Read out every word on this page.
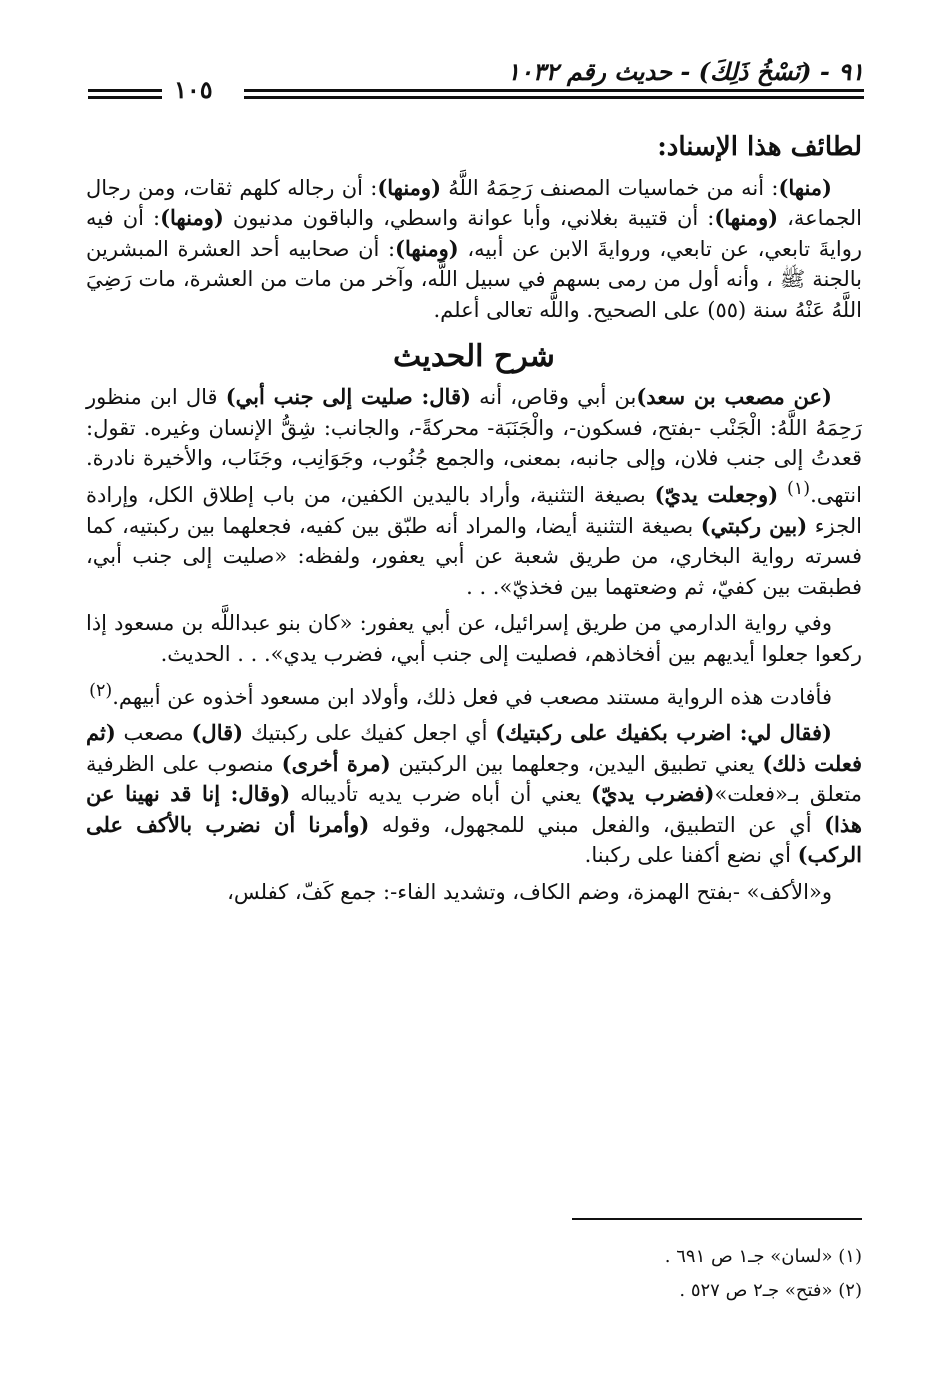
٩١ - (نَسْخُ ذَلِكَ) - حديث رقم ١٠٣٢
١٠٥
لطائف هذا الإسناد:

(منها): أنه من خماسيات المصنف رَحِمَهُ اللَّهُ (ومنها): أن رجاله كلهم ثقات، ومن رجال الجماعة، (ومنها): أن قتيبة بغلاني، وأبا عوانة واسطي، والباقون مدنيون (ومنها): أن فيه روايةَ تابعي، عن تابعي، وروايةَ الابن عن أبيه، (ومنها): أن صحابيه أحد العشرة المبشرين بالجنة ﷺ ، وأنه أول من رمى بسهم في سبيل اللَّه، وآخر من مات من العشرة، مات رَضِيَ اللَّهُ عَنْهُ سنة (٥٥) على الصحيح. واللَّه تعالى أعلم.

شرح الحديث

(عن مصعب بن سعد)بن أبي وقاص، أنه (قال: صليت إلى جنب أبي) قال ابن منظور رَحِمَهُ اللَّهُ: الْجَنْب -بفتح، فسكون-، والْجَنَبَة- محركةً-، والجانب: شِقُّ الإنسان وغيره. تقول: قعدتُ إلى جنب فلان، وإلى جانبه، بمعنى، والجمع جُنُوب، وجَوَانِب، وجَنَاب، والأخيرة نادرة. انتهى.$^{(١)}$ (وجعلت يديّ) بصيغة التثنية، وأراد باليدين الكفين، من باب إطلاق الكل، وإرادة الجزء (بين ركبتي) بصيغة التثنية أيضا، والمراد أنه طبّق بين كفيه، فجعلهما بين ركبتيه، كما فسرته رواية البخاري، من طريق شعبة عن أبي يعفور، ولفظه: «صليت إلى جنب أبي، فطبقت بين كفيّ، ثم وضعتهما بين فخذيّ». . .

وفي رواية الدارمي من طريق إسرائيل، عن أبي يعفور: «كان بنو عبداللَّه بن مسعود إذا ركعوا جعلوا أيديهم بين أفخاذهم، فصليت إلى جنب أبي، فضرب يدي». . . الحديث.

فأفادت هذه الرواية مستند مصعب في فعل ذلك، وأولاد ابن مسعود أخذوه عن أبيهم.$^{(٢)}$

(فقال لي: اضرب بكفيك على ركبتيك) أي اجعل كفيك على ركبتيك (قال) مصعب (ثم فعلت ذلك) يعني تطبيق اليدين، وجعلهما بين الركبتين (مرة أخرى) منصوب على الظرفية متعلق بـ«فعلت»(فضرب يديّ) يعني أن أباه ضرب يديه تأديباله (وقال: إنا قد نهينا عن هذا) أي عن التطبيق، والفعل مبني للمجهول، وقوله (وأمرنا أن نضرب بالأكف على الركب) أي نضع أكفنا على ركبنا.

و«الأكف» -بفتح الهمزة، وضم الكاف، وتشديد الفاء-: جمع كَفّ، كفلس،

(١) «لسان» جـ١ ص ٦٩١ .

(٢) «فتح» جـ٢ ص ٥٢٧ .
